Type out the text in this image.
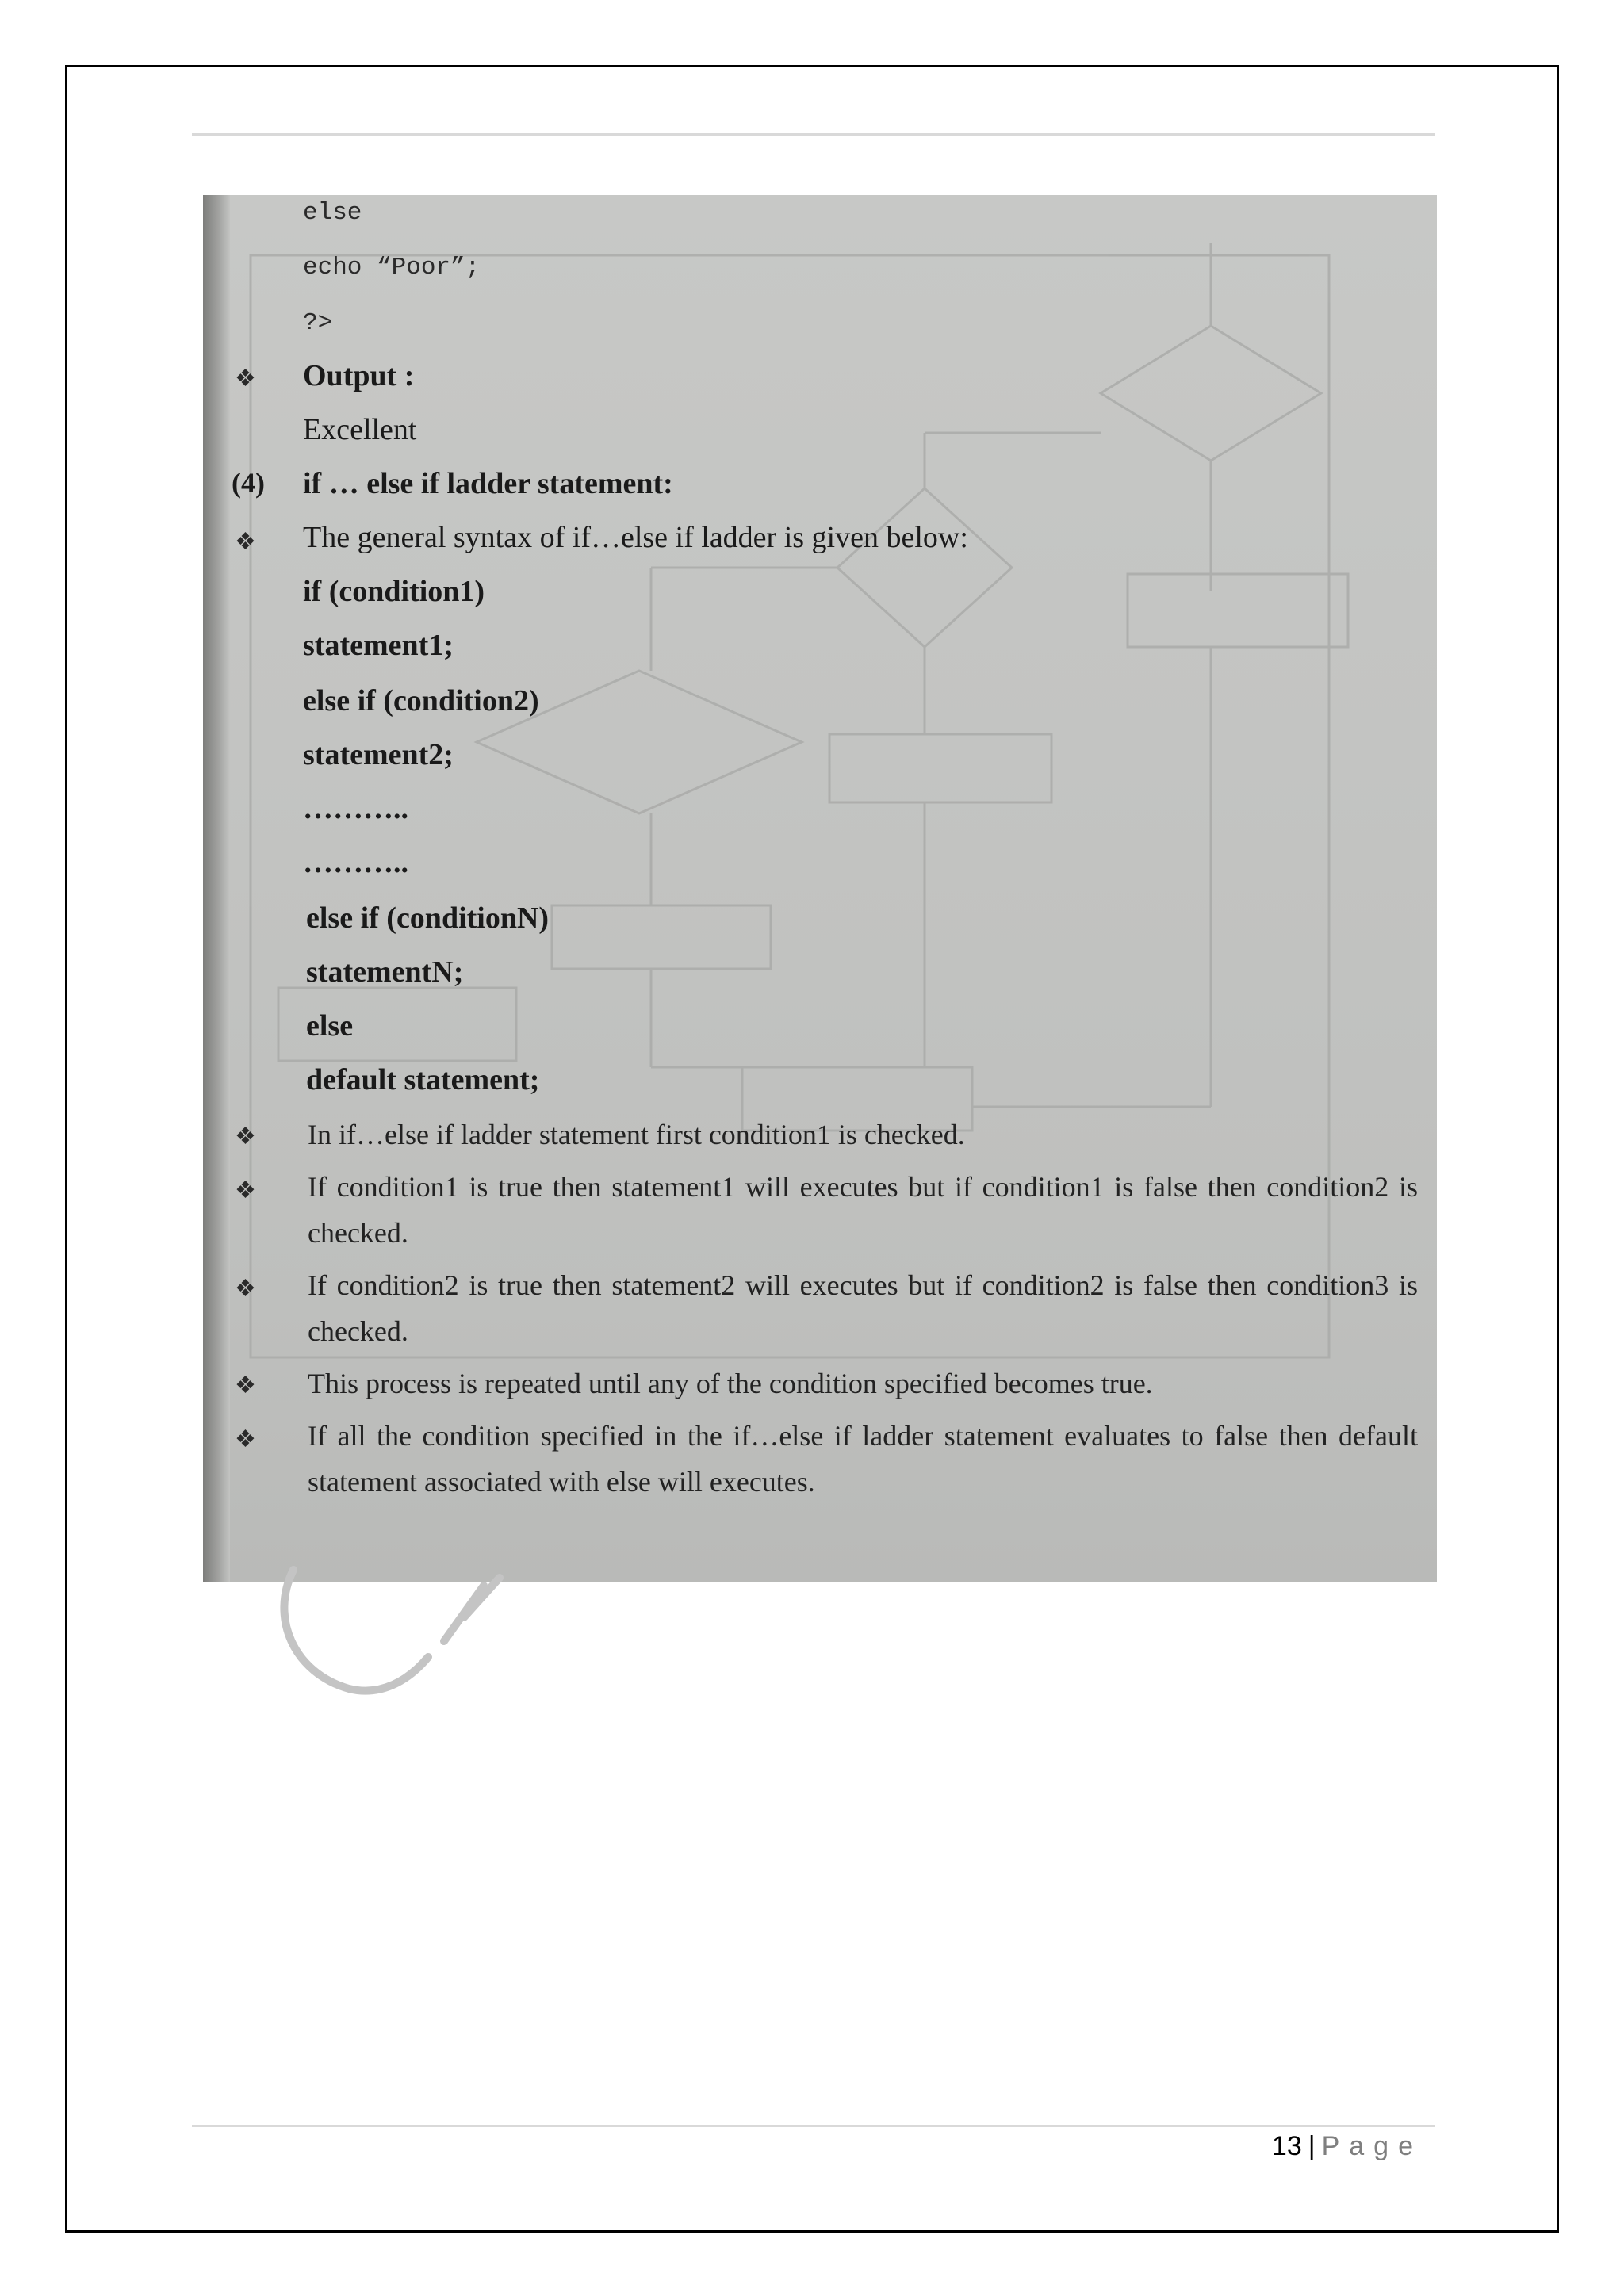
else
echo “Poor”;
?>
❖ Output :
Excellent
(4) if … else if ladder statement:
❖ The general syntax of if…else if ladder is given below:
if (condition1)
statement1;
else if (condition2)
statement2;
………..
………..
else if (conditionN)
statementN;
else
default statement;
❖ In if…else if ladder statement first condition1 is checked.
❖ If condition1 is true then statement1 will executes but if condition1 is false then condition2 is checked.
❖ If condition2 is true then statement2 will executes but if condition2 is false then condition3 is checked.
❖ This process is repeated until any of the condition specified becomes true.
❖ If all the condition specified in the if…else if ladder statement evaluates to false then default statement associated with else will executes.
13 | Page
